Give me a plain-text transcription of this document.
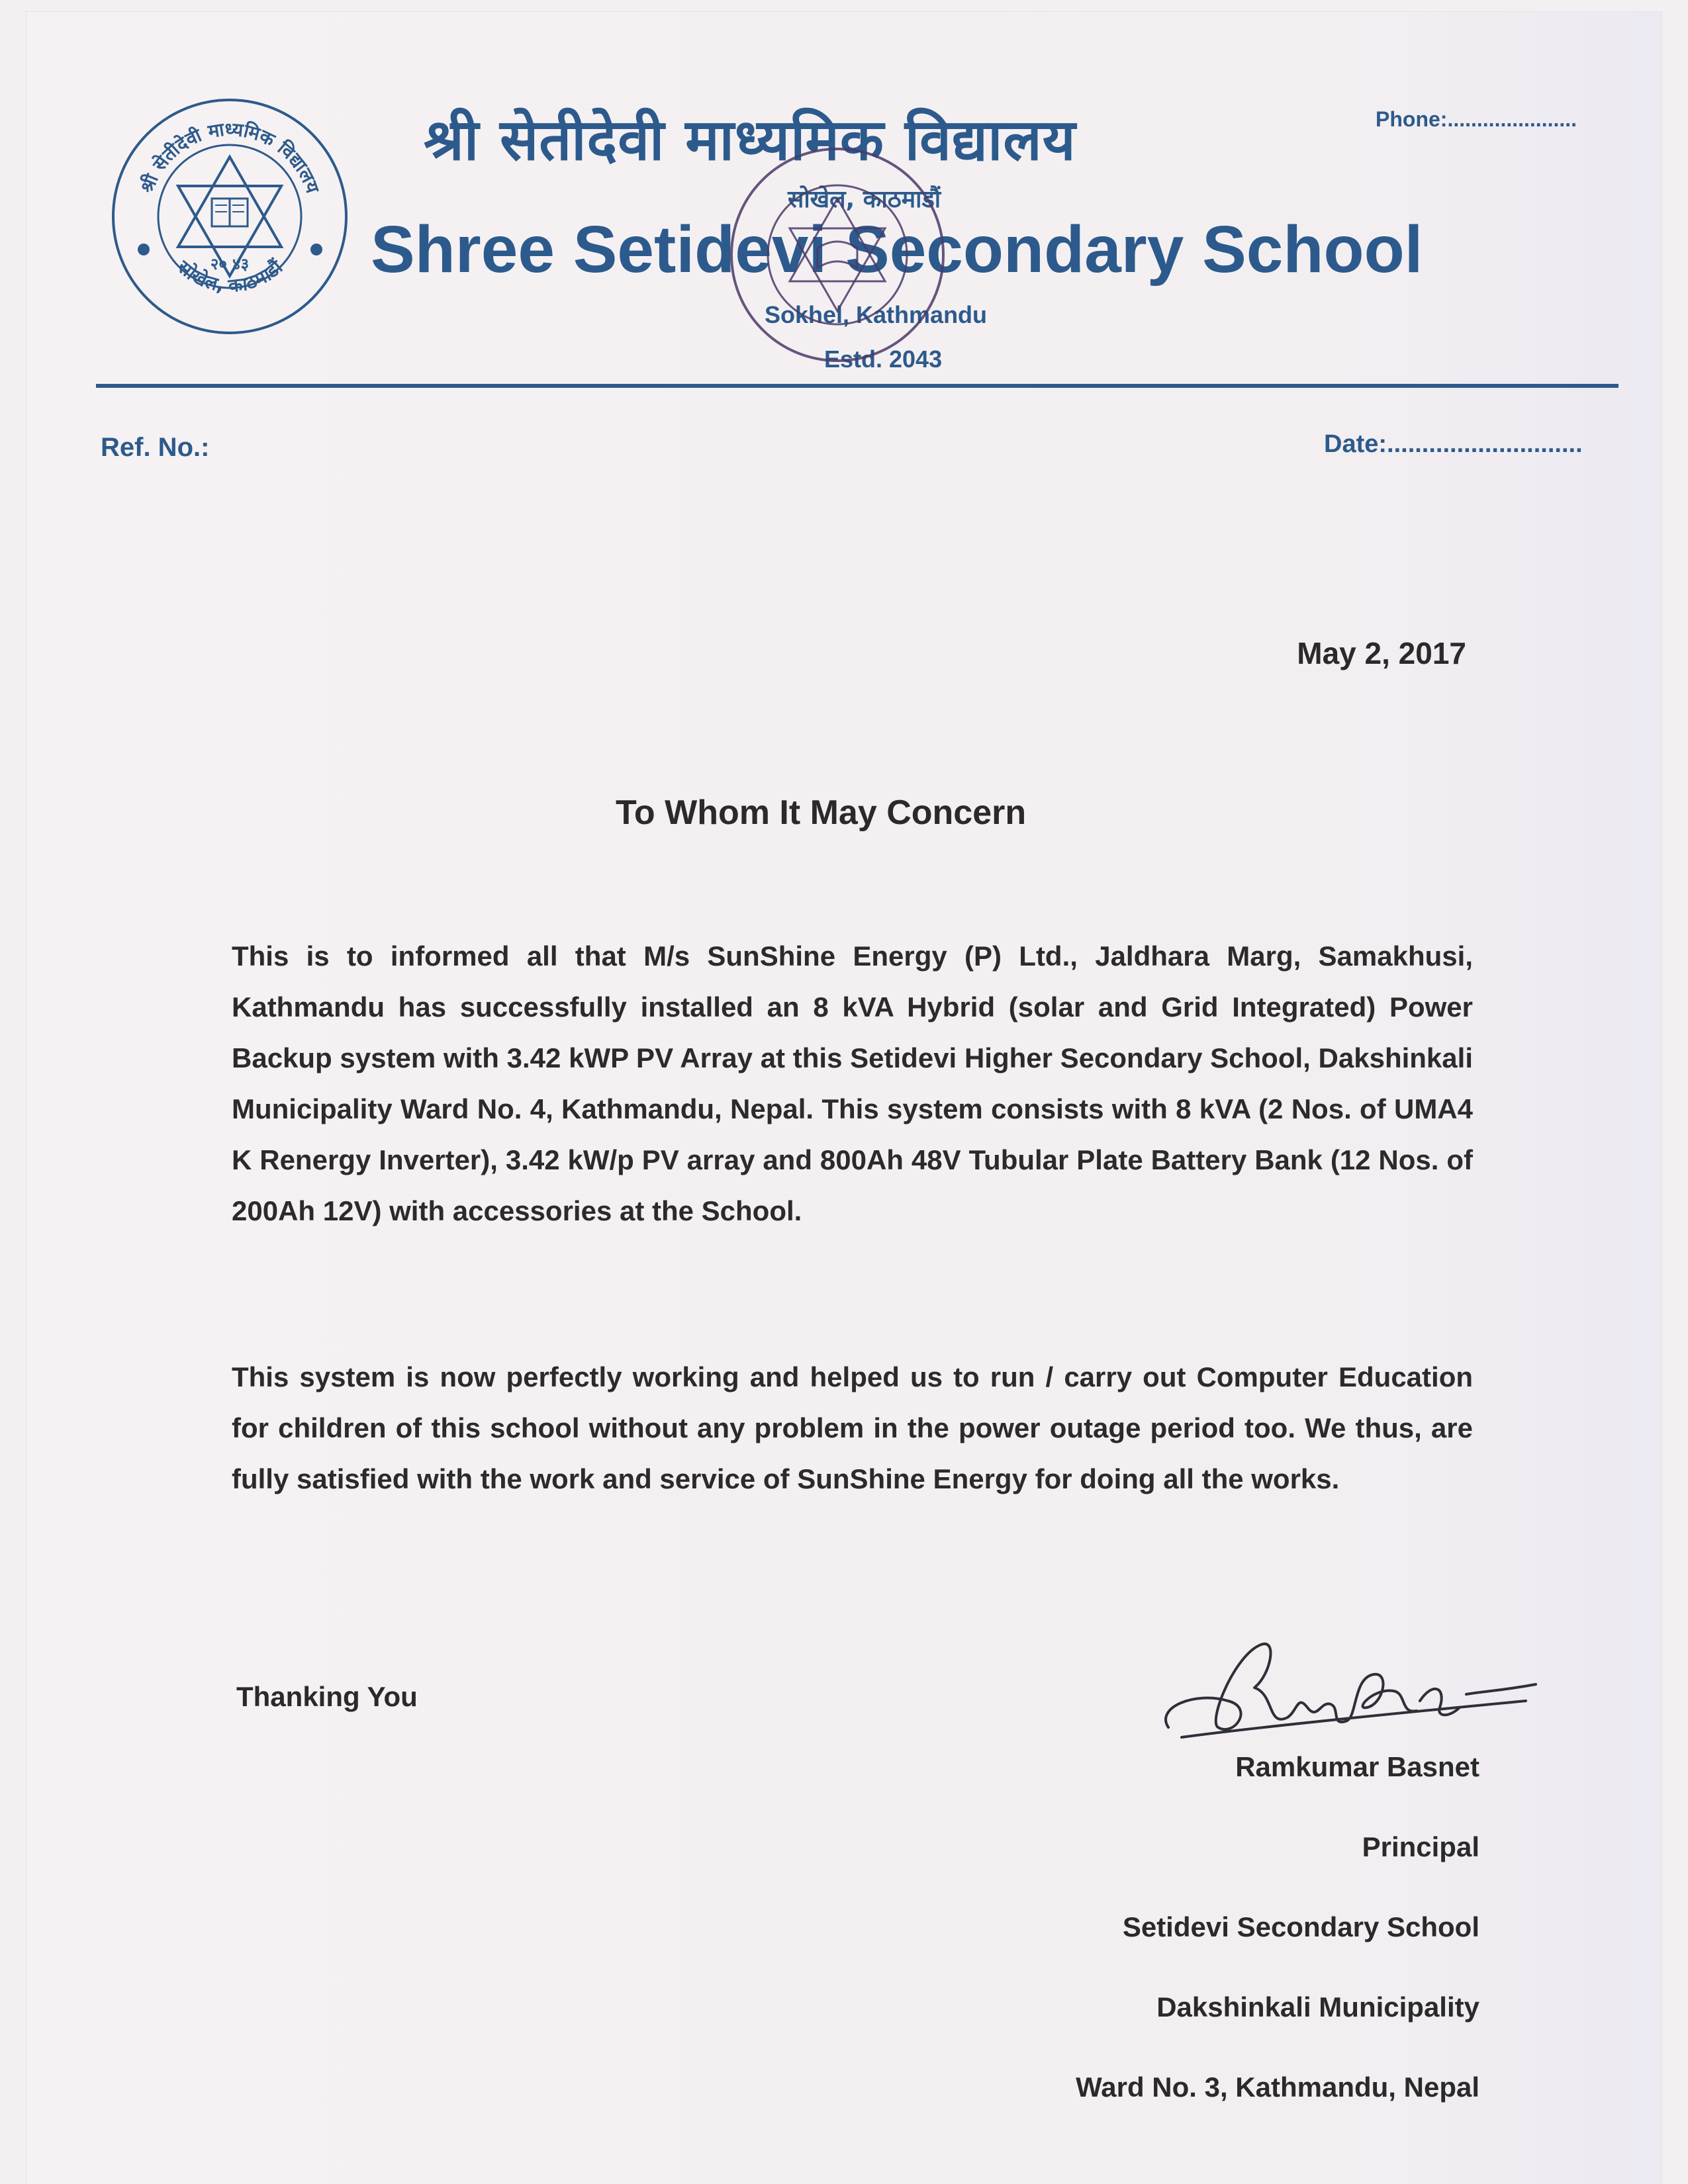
श्री सेतीदेवी माध्यमिक विद्यालय
२० ४३
सोखेल, काठमाडौं
श्री सेतीदेवी माध्यमिक विद्यालय	Phone:......................
Shree Setidevi Secondary School
सोखेल, काठमाडौं
Sokhel, Kathmandu
Estd. 2043
Ref. No.:	Date:............................
May 2, 2017
To Whom It May Concern
This is to informed all that M/s SunShine Energy (P) Ltd., Jaldhara Marg, Samakhusi, Kathmandu has successfully installed an 8 kVA Hybrid (solar and Grid Integrated) Power Backup system with 3.42 kWP PV Array at this Setidevi Higher Secondary School, Dakshinkali Municipality Ward No. 4, Kathmandu, Nepal. This system consists with 8 kVA (2 Nos. of UMA4 K Renergy Inverter), 3.42 kW/p PV array and 800Ah 48V Tubular Plate Battery Bank (12 Nos. of 200Ah 12V) with accessories at the School.
This system is now perfectly working and helped us to run / carry out Computer Education for children of this school without any problem in the power outage period too. We thus, are fully satisfied with the work and service of SunShine Energy for doing all the works.
Thanking You
Ramkumar Basnet
Principal
Setidevi Secondary School
Dakshinkali Municipality
Ward No. 3, Kathmandu, Nepal
